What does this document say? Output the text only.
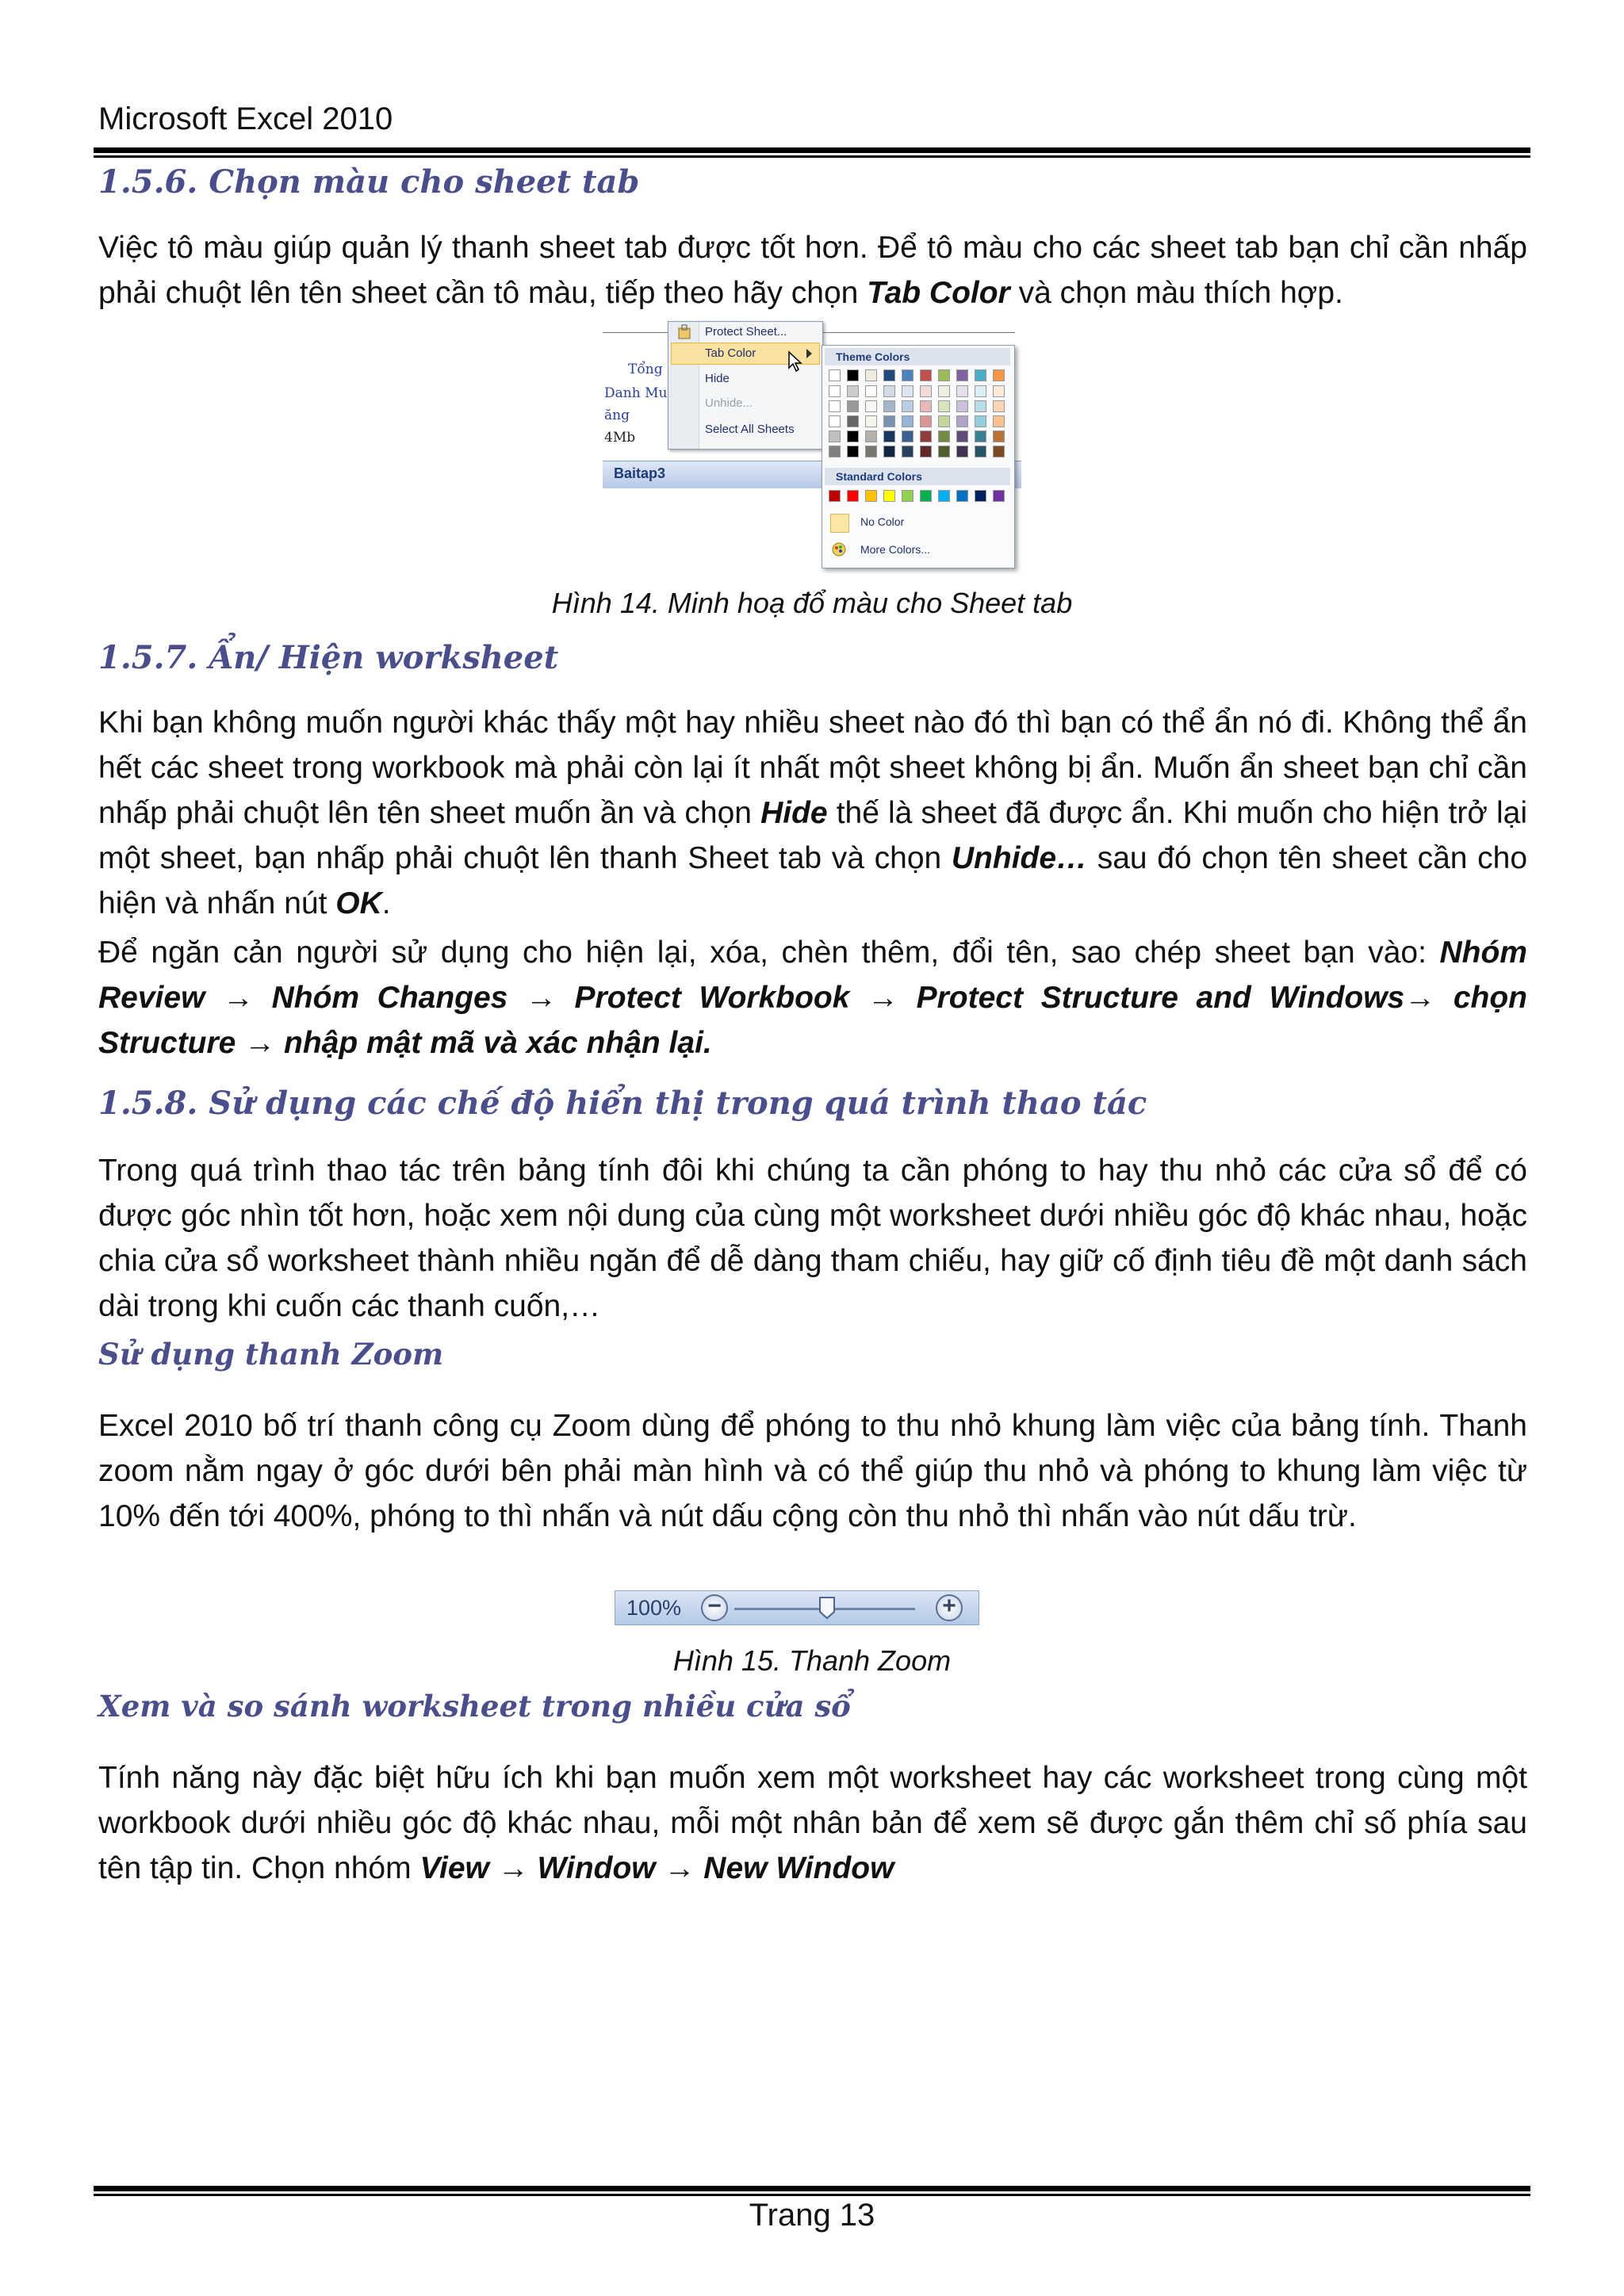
Microsoft Excel 2010
1.5.6. Chọn màu cho sheet tab
Việc tô màu giúp quản lý thanh sheet tab được tốt hơn. Để tô màu cho các sheet tab bạn chỉ cần nhấp phải chuột lên tên sheet cần tô màu, tiếp theo hãy chọn Tab Color và chọn màu thích hợp.
Tổng
Danh Mu
ăng
4Mb
Baitap3
Protect Sheet...
Tab Color
Hide
Unhide...
Select All Sheets
Theme Colors
Standard Colors
No Color
More Colors...
Hình 14. Minh hoạ đổ màu cho Sheet tab
1.5.7. Ẩn/ Hiện worksheet
Khi bạn không muốn người khác thấy một hay nhiều sheet nào đó thì bạn có thể ẩn nó đi. Không thể ẩn hết các sheet trong workbook mà phải còn lại ít nhất một sheet không bị ẩn. Muốn ẩn sheet bạn chỉ cần nhấp phải chuột lên tên sheet muốn ần và chọn Hide thế là sheet đã được ẩn. Khi muốn cho hiện trở lại một sheet, bạn nhấp phải chuột lên thanh Sheet tab và chọn Unhide… sau đó chọn tên sheet cần cho hiện và nhấn nút OK.
Để ngăn cản người sử dụng cho hiện lại, xóa, chèn thêm, đổi tên, sao chép sheet bạn vào: Nhóm Review → Nhóm Changes → Protect Workbook → Protect Structure and Windows→ chọn Structure → nhập mật mã và xác nhận lại.
1.5.8. Sử dụng các chế độ hiển thị trong quá trình thao tác
Trong quá trình thao tác trên bảng tính đôi khi chúng ta cần phóng to hay thu nhỏ các cửa sổ để có được góc nhìn tốt hơn, hoặc xem nội dung của cùng một worksheet dưới nhiều góc độ khác nhau, hoặc chia cửa sổ worksheet thành nhiều ngăn để dễ dàng tham chiếu, hay giữ cố định tiêu đề một danh sách dài trong khi cuốn các thanh cuốn,…
Sử dụng thanh Zoom
Excel 2010 bố trí thanh công cụ Zoom dùng để phóng to thu nhỏ khung làm việc của bảng tính. Thanh zoom nằm ngay ở góc dưới bên phải màn hình và có thể giúp thu nhỏ và phóng to khung làm việc từ 10% đến tới 400%, phóng to thì nhấn và nút dấu cộng còn thu nhỏ thì nhấn vào nút dấu trừ.
100% −	+
Hình 15. Thanh Zoom
Xem và so sánh worksheet trong nhiều cửa sổ
Tính năng này đặc biệt hữu ích khi bạn muốn xem một worksheet hay các worksheet trong cùng một workbook dưới nhiều góc độ khác nhau, mỗi một nhân bản để xem sẽ được gắn thêm chỉ số phía sau tên tập tin. Chọn nhóm View → Window → New Window
Trang 13
